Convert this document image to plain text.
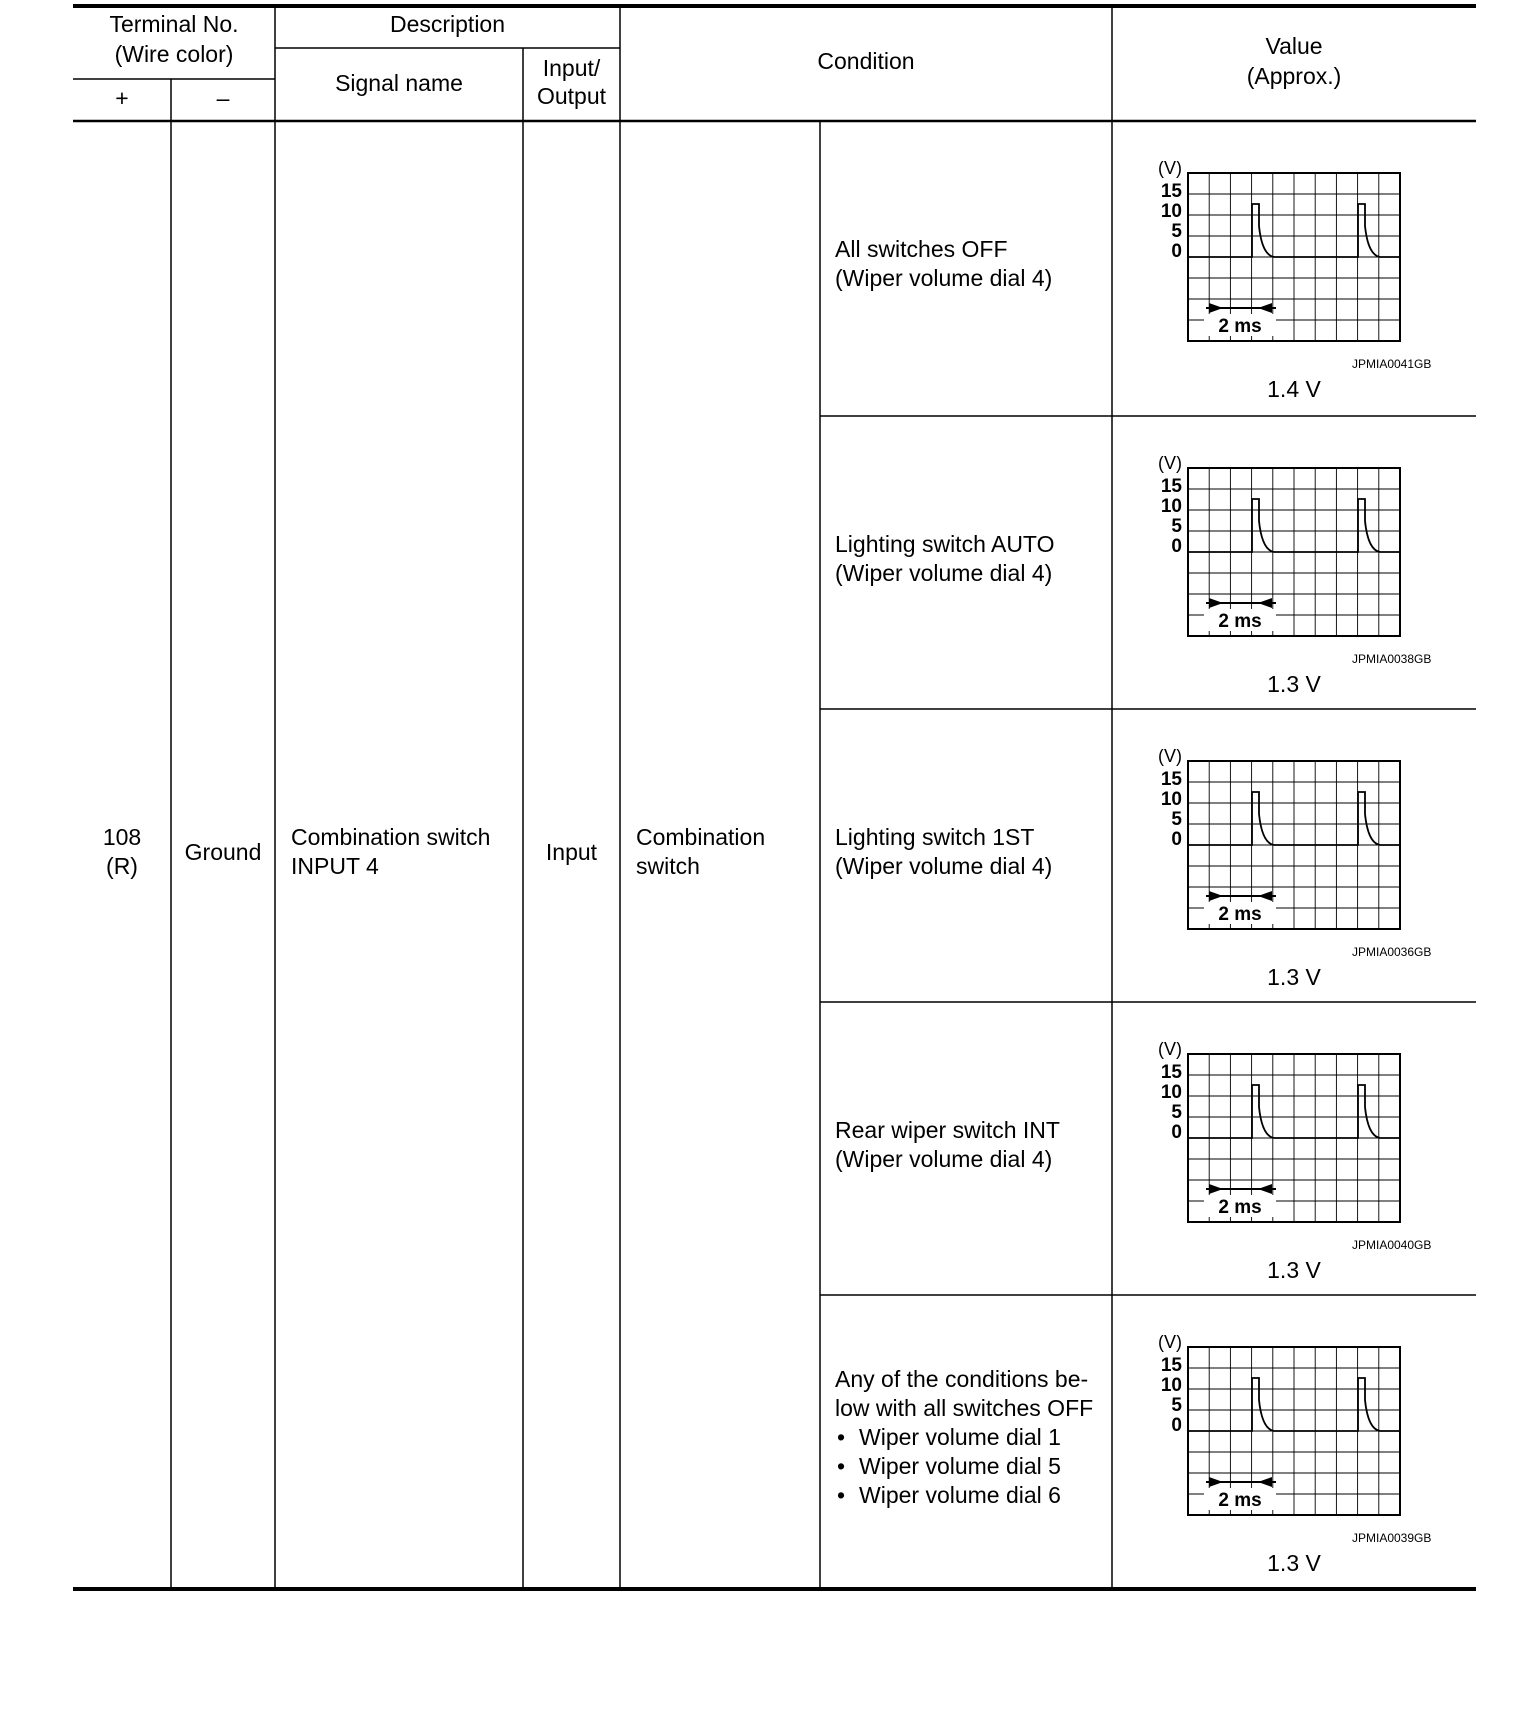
Terminal No.
(Wire color)
+	–
Description
Signal name
Input/
Output
Condition
Value
(Approx.)
108
(R)
Ground
Combination switch
INPUT 4
Input
Combination
switch
All switches OFF
(Wiper volume dial 4)
(V)
15
10
5
0
2 ms
JPMIA0041GB
1.4 V
Lighting switch AUTO
(Wiper volume dial 4)
(V)
15
10
5
0
2 ms
JPMIA0038GB
1.3 V
Lighting switch 1ST
(Wiper volume dial 4)
(V)
15
10
5
0
2 ms
JPMIA0036GB
1.3 V
Rear wiper switch INT
(Wiper volume dial 4)
(V)
15
10
5
0
2 ms
JPMIA0040GB
1.3 V
Any of the conditions be-
low with all switches OFF
• Wiper volume dial 1
• Wiper volume dial 5
• Wiper volume dial 6
(V)
15
10
5
0
2 ms
JPMIA0039GB
1.3 V
